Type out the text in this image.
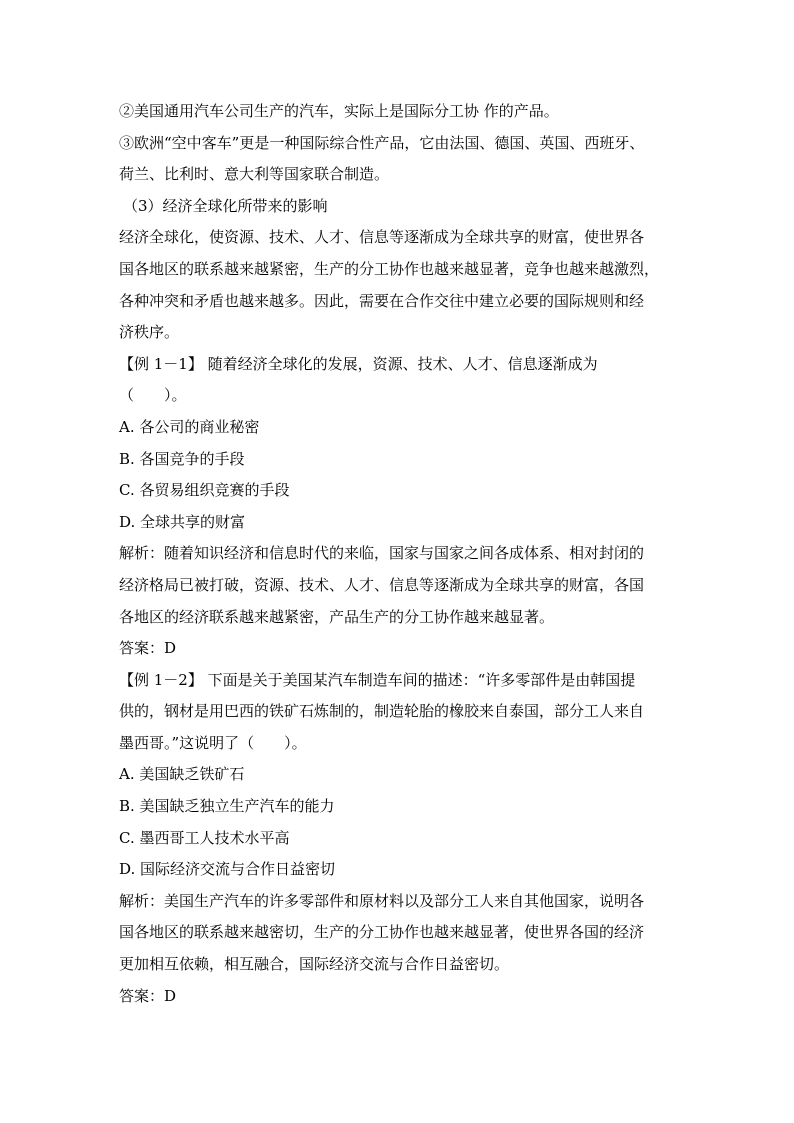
②美国通用汽车公司生产的汽车，实际上是国际分工协 作的产品。
③欧洲“空中客车”更是一种国际综合性产品，它由法国、德国、英国、西班牙、
荷兰、比利时、意大利等国家联合制造。
（3）经济全球化所带来的影响
经济全球化，使资源、技术、人才、信息等逐渐成为全球共享的财富，使世界各
国各地区的联系越来越紧密，生产的分工协作也越来越显著，竞争也越来越激烈，
各种冲突和矛盾也越来越多。因此，需要在合作交往中建立必要的国际规则和经
济秩序。
【例 1－1】 随着经济全球化的发展，资源、技术、人才、信息逐渐成为
（　　）。
A. 各公司的商业秘密
B. 各国竞争的手段
C. 各贸易组织竞赛的手段
D. 全球共享的财富
解析：随着知识经济和信息时代的来临，国家与国家之间各成体系、相对封闭的
经济格局已被打破，资源、技术、人才、信息等逐渐成为全球共享的财富，各国
各地区的经济联系越来越紧密，产品生产的分工协作越来越显著。
答案：D
【例 1－2】 下面是关于美国某汽车制造车间的描述：“许多零部件是由韩国提
供的，钢材是用巴西的铁矿石炼制的，制造轮胎的橡胶来自泰国，部分工人来自
墨西哥。”这说明了（　　）。
A. 美国缺乏铁矿石
B. 美国缺乏独立生产汽车的能力
C. 墨西哥工人技术水平高
D. 国际经济交流与合作日益密切
解析：美国生产汽车的许多零部件和原材料以及部分工人来自其他国家，说明各
国各地区的联系越来越密切，生产的分工协作也越来越显著，使世界各国的经济
更加相互依赖，相互融合，国际经济交流与合作日益密切。
答案：D
